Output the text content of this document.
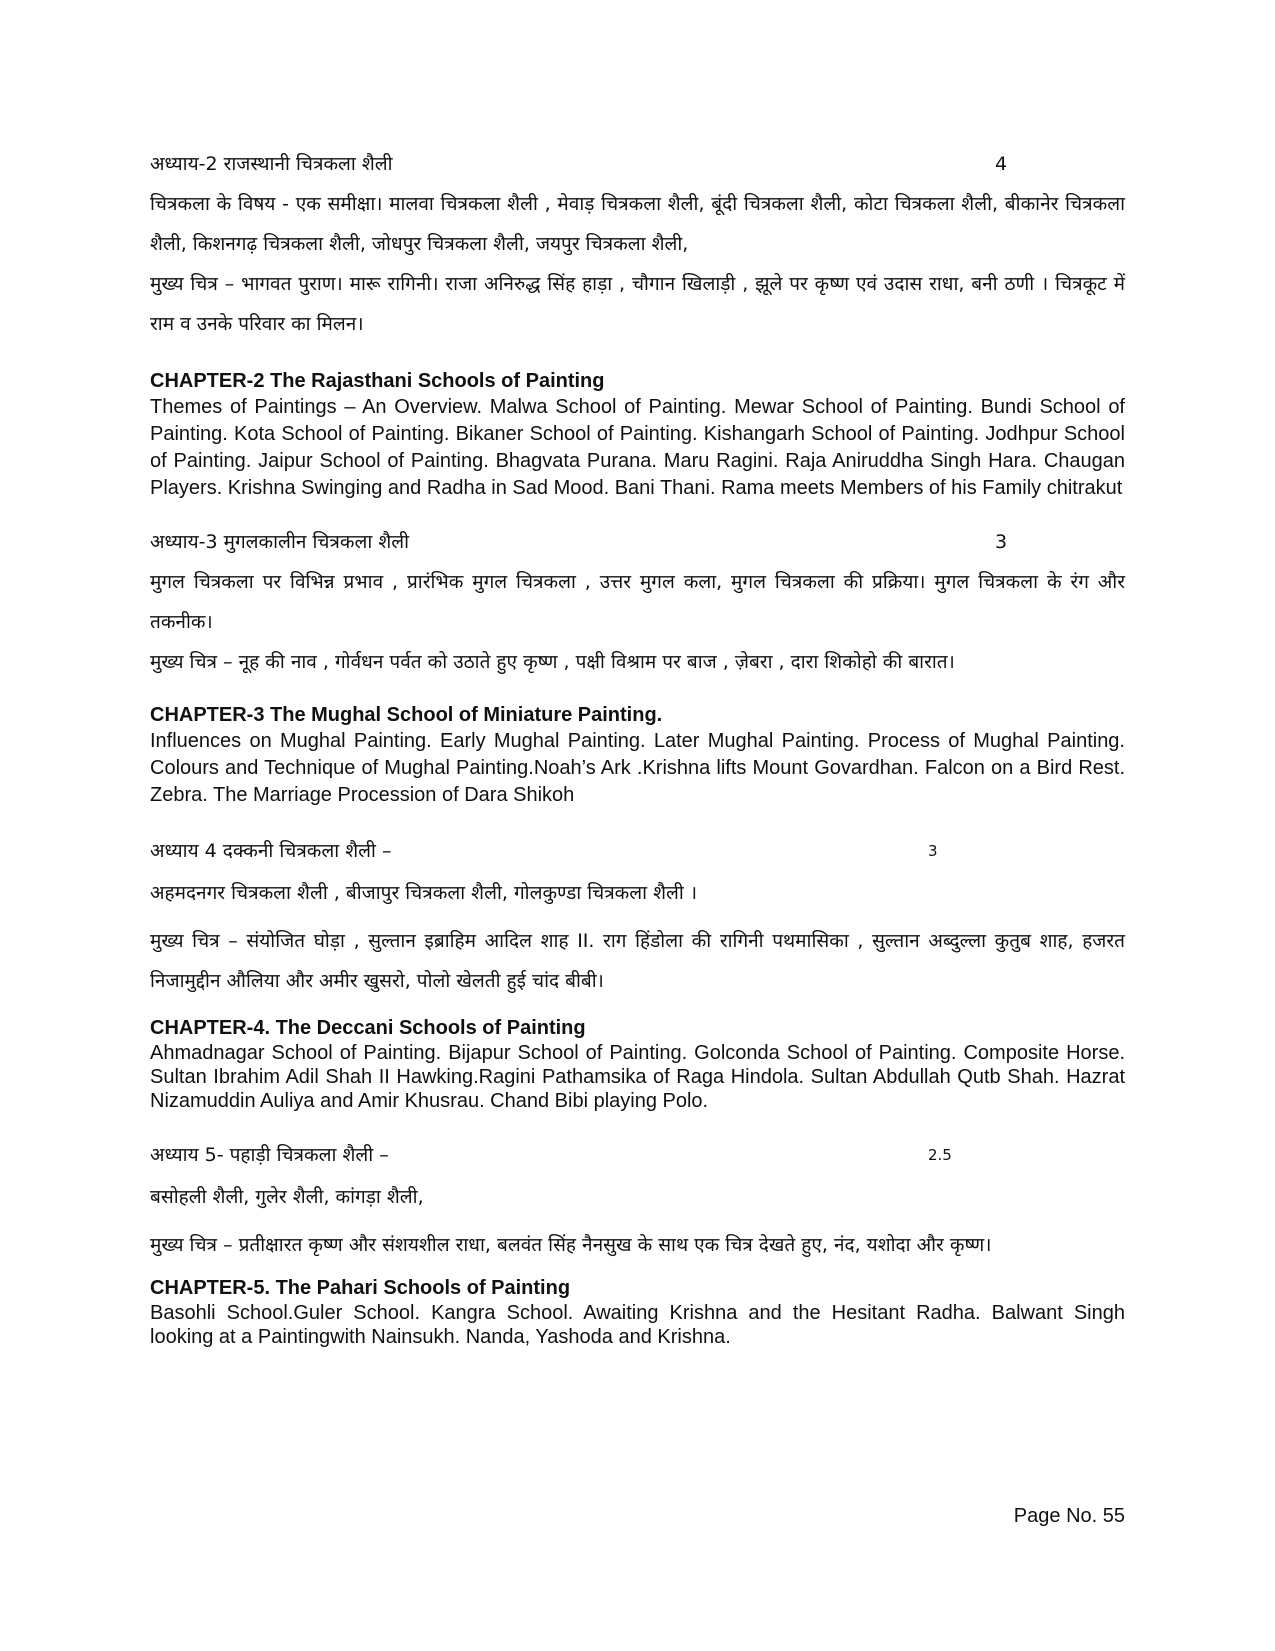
अध्याय-2 राजस्थानी चित्रकला शैली	4

चित्रकला के विषय - एक समीक्षा। मालवा चित्रकला शैली , मेवाड़ चित्रकला शैली, बूंदी चित्रकला शैली, कोटा चित्रकला शैली, बीकानेर चित्रकला शैली, किशनगढ़ चित्रकला शैली, जोधपुर चित्रकला शैली, जयपुर चित्रकला शैली,

मुख्य चित्र – भागवत पुराण। मारू रागिनी। राजा अनिरुद्ध सिंह हाड़ा , चौगान खिलाड़ी , झूले पर कृष्ण एवं उदास राधा, बनी ठणी । चित्रकूट में राम व उनके परिवार का मिलन।

CHAPTER-2 The Rajasthani Schools of Painting

Themes of Paintings – An Overview. Malwa School of Painting. Mewar School of Painting. Bundi School of Painting. Kota School of Painting. Bikaner School of Painting. Kishangarh School of Painting. Jodhpur School of Painting. Jaipur School of Painting. Bhagvata Purana. Maru Ragini. Raja Aniruddha Singh Hara. Chaugan Players. Krishna Swinging and Radha in Sad Mood. Bani Thani. Rama meets Members of his Family chitrakut

अध्याय-3 मुगलकालीन चित्रकला शैली	3

मुगल चित्रकला पर विभिन्न प्रभाव , प्रारंभिक मुगल चित्रकला , उत्तर मुगल कला, मुगल चित्रकला की प्रक्रिया। मुगल चित्रकला के रंग और तकनीक।

मुख्य चित्र – नूह की नाव , गोर्वधन पर्वत को उठाते हुए कृष्ण , पक्षी विश्राम पर बाज , ज़ेबरा , दारा शिकोहो की बारात।

CHAPTER-3 The Mughal School of Miniature Painting.

Influences on Mughal Painting. Early Mughal Painting. Later Mughal Painting. Process of Mughal Painting. Colours and Technique of Mughal Painting.Noah’s Ark .Krishna lifts Mount Govardhan. Falcon on a Bird Rest. Zebra. The Marriage Procession of Dara Shikoh

अध्याय 4 दक्कनी चित्रकला शैली –	3

अहमदनगर चित्रकला शैली , बीजापुर चित्रकला शैली, गोलकुण्डा चित्रकला शैली ।

मुख्य चित्र – संयोजित घोड़ा , सुल्तान इब्राहिम आदिल शाह II. राग हिंडोला की रागिनी पथमासिका , सुल्तान अब्दुल्ला कुतुब शाह, हजरत निजामुद्दीन औलिया और अमीर खुसरो, पोलो खेलती हुई चांद बीबी।

CHAPTER-4. The Deccani Schools of Painting

Ahmadnagar School of Painting. Bijapur School of Painting. Golconda School of Painting. Composite Horse. Sultan Ibrahim Adil Shah II Hawking.Ragini Pathamsika of Raga Hindola. Sultan Abdullah Qutb Shah. Hazrat Nizamuddin Auliya and Amir Khusrau. Chand Bibi playing Polo.

अध्याय 5- पहाड़ी चित्रकला शैली –	2.5

बसोहली शैली, गुलेर शैली, कांगड़ा शैली,

मुख्य चित्र – प्रतीक्षारत कृष्ण और संशयशील राधा, बलवंत सिंह नैनसुख के साथ एक चित्र देखते हुए, नंद, यशोदा और कृष्ण।

CHAPTER-5. The Pahari Schools of Painting

Basohli School.Guler School. Kangra School. Awaiting Krishna and the Hesitant Radha. Balwant Singh looking at a Paintingwith Nainsukh. Nanda, Yashoda and Krishna.

Page No. 55
